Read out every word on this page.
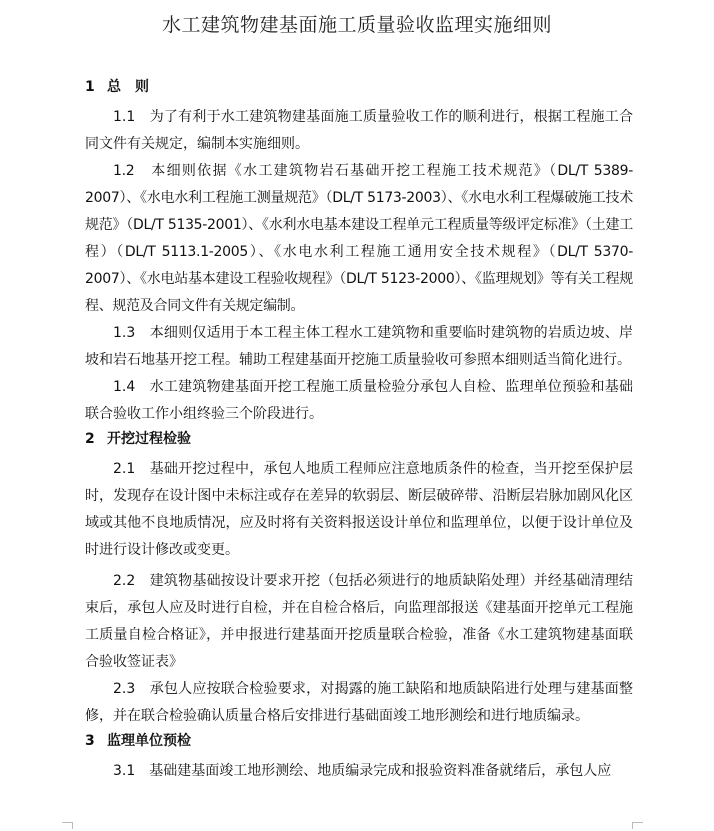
水工建筑物建基面施工质量验收监理实施细则
1 总　则

1.1　为了有利于水工建筑物建基面施工质量验收工作的顺利进行，根据工程施工合同文件有关规定，编制本实施细则。

1.2　本细则依据《水工建筑物岩石基础开挖工程施工技术规范》（DL/T 5389-2007）、《水电水利工程施工测量规范》（DL/T 5173-2003）、《水电水利工程爆破施工技术规范》（DL/T 5135-2001）、《水利水电基本建设工程单元工程质量等级评定标准》（土建工程）（DL/T 5113.1-2005）、《水电水利工程施工通用安全技术规程》（DL/T 5370-2007）、《水电站基本建设工程验收规程》（DL/T 5123-2000）、《监理规划》等有关工程规程、规范及合同文件有关规定编制。

1.3　本细则仅适用于本工程主体工程水工建筑物和重要临时建筑物的岩质边坡、岸坡和岩石地基开挖工程。辅助工程建基面开挖施工质量验收可参照本细则适当简化进行。

1.4　水工建筑物建基面开挖工程施工质量检验分承包人自检、监理单位预验和基础联合验收工作小组终验三个阶段进行。

2 开挖过程检验

2.1　基础开挖过程中，承包人地质工程师应注意地质条件的检查，当开挖至保护层时，发现存在设计图中未标注或存在差异的软弱层、断层破碎带、沿断层岩脉加剧风化区域或其他不良地质情况，应及时将有关资料报送设计单位和监理单位，以便于设计单位及时进行设计修改或变更。

2.2　建筑物基础按设计要求开挖（包括必须进行的地质缺陷处理）并经基础清理结束后，承包人应及时进行自检，并在自检合格后，向监理部报送《建基面开挖单元工程施工质量自检合格证》，并申报进行建基面开挖质量联合检验，准备《水工建筑物建基面联合验收签证表》

2.3　承包人应按联合检验要求，对揭露的施工缺陷和地质缺陷进行处理与建基面整修，并在联合检验确认质量合格后安排进行基础面竣工地形测绘和进行地质编录。

3 监理单位预检

3.1　基础建基面竣工地形测绘、地质编录完成和报验资料准备就绪后，承包人应
